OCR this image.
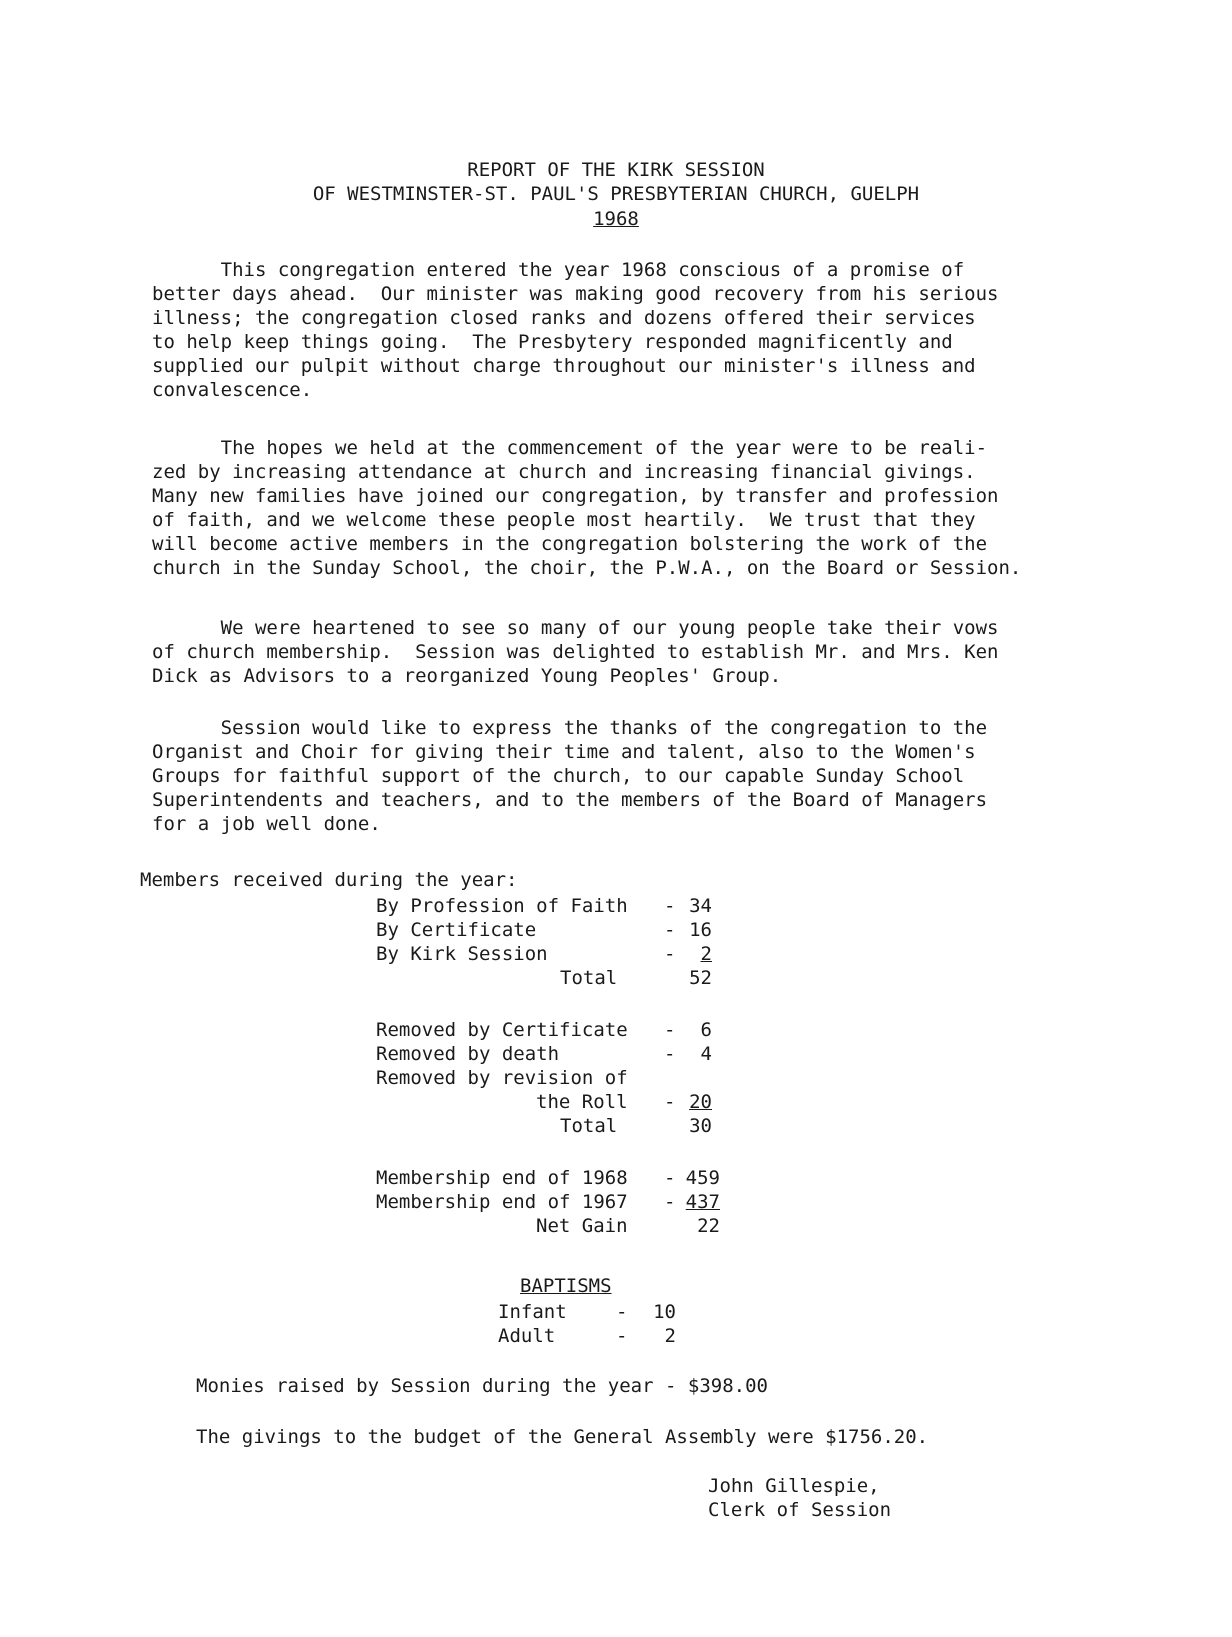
REPORT OF THE KIRK SESSION
OF WESTMINSTER-ST. PAUL'S PRESBYTERIAN CHURCH, GUELPH
1968
This congregation entered the year 1968 conscious of a promise of
better days ahead.  Our minister was making good recovery from his serious
illness; the congregation closed ranks and dozens offered their services
to help keep things going.  The Presbytery responded magnificently and
supplied our pulpit without charge throughout our minister's illness and
convalescence.
The hopes we held at the commencement of the year were to be reali-
zed by increasing attendance at church and increasing financial givings.
Many new families have joined our congregation, by transfer and profession
of faith, and we welcome these people most heartily.  We trust that they
will become active members in the congregation bolstering the work of the
church in the Sunday School, the choir, the P.W.A., on the Board or Session.
We were heartened to see so many of our young people take their vows
of church membership.  Session was delighted to establish Mr. and Mrs. Ken
Dick as Advisors to a reorganized Young Peoples' Group.
Session would like to express the thanks of the congregation to the
Organist and Choir for giving their time and talent, also to the Women's
Groups for faithful support of the church, to our capable Sunday School
Superintendents and teachers, and to the members of the Board of Managers
for a job well done.
Members received during the year:
By Profession of Faith - 34
By Certificate	- 16
By Kirk Session	-	2
Total	52
Removed by Certificate -	6
Removed by death	-	4
Removed by revision of
the Roll - 20
Total	30
Membership end of 1968 - 459
Membership end of 1967 - 437
Net Gain	22
BAPTISMS
Infant	-	10
Adult	-	2
Monies raised by Session during the year - $398.00
The givings to the budget of the General Assembly were $1756.20.
John Gillespie,
Clerk of Session
